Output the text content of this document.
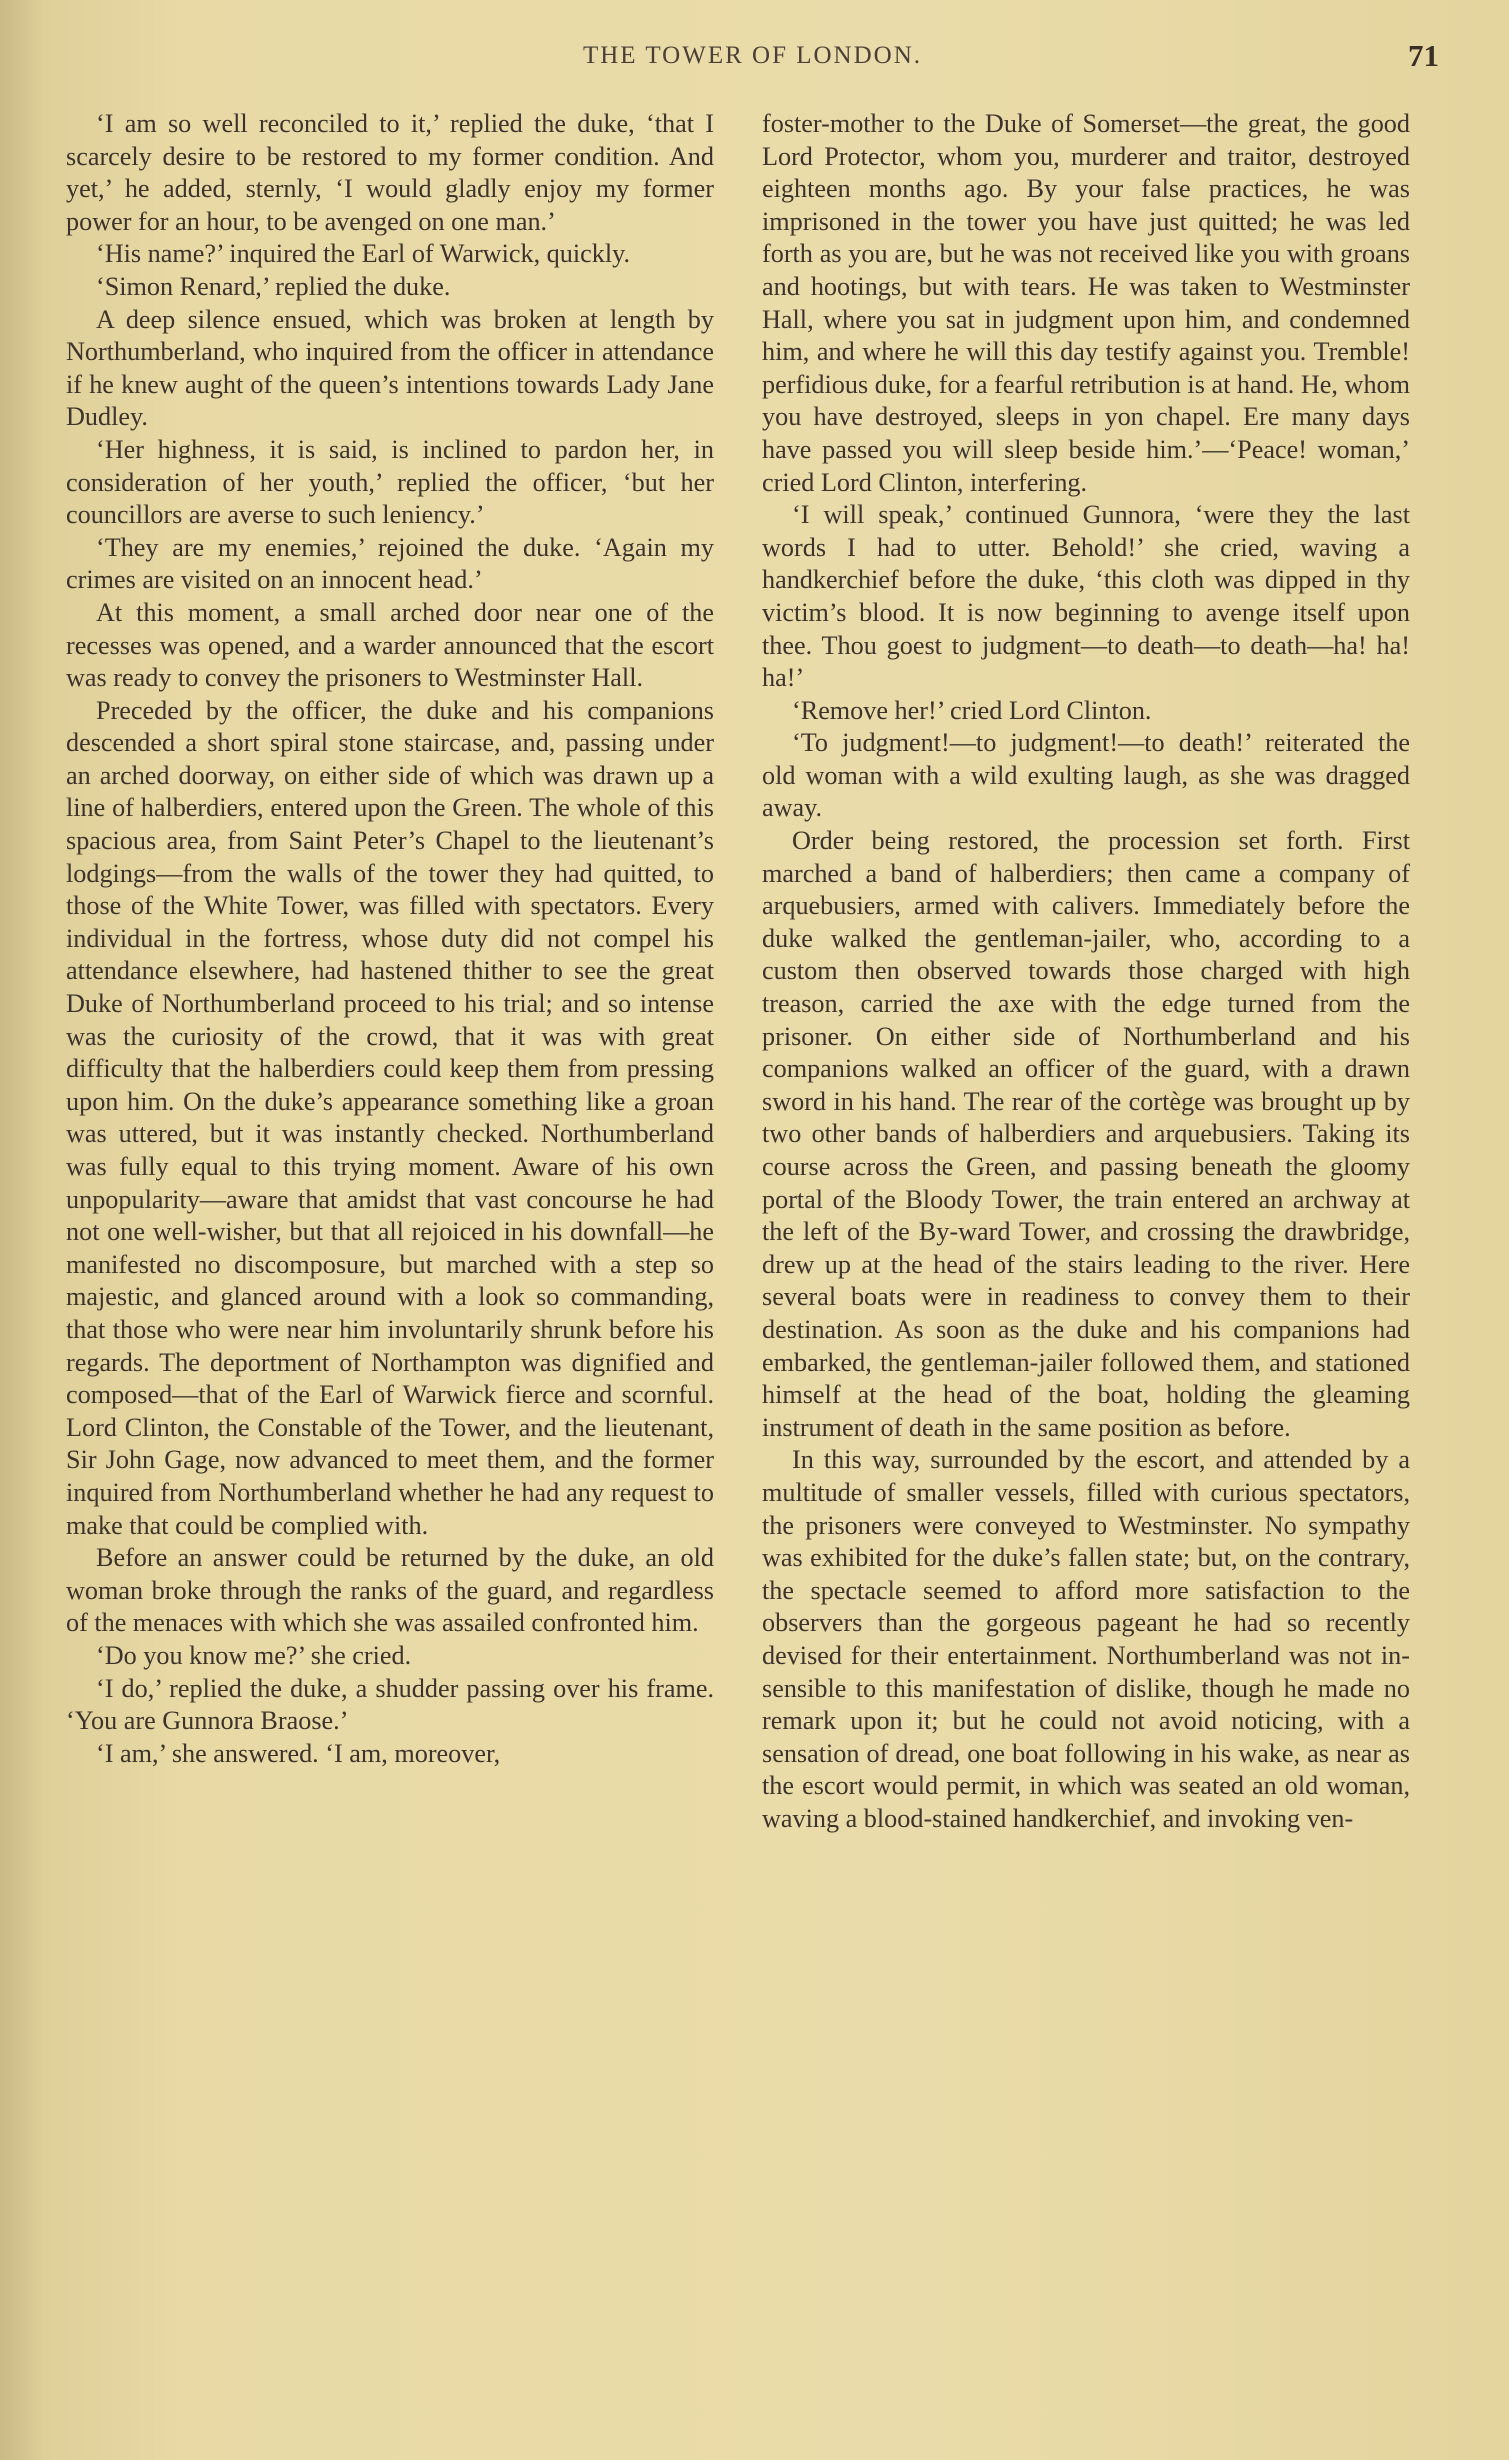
THE TOWER OF LONDON.	71

‘I am so well reconciled to it,’ replied the duke, ‘that I scarcely desire to be restored to my former condition. And yet,’ he added, sternly, ‘I would gladly enjoy my former power for an hour, to be avenged on one man.’

‘His name?’ inquired the Earl of Warwick, quickly.

‘Simon Renard,’ replied the duke.

A deep silence ensued, which was broken at length by Northumberland, who inquired from the officer in attendance if he knew aught of the queen’s intentions towards Lady Jane Dudley.

‘Her highness, it is said, is inclined to pardon her, in consideration of her youth,’ replied the officer, ‘but her councillors are averse to such leniency.’

‘They are my enemies,’ rejoined the duke. ‘Again my crimes are visited on an innocent head.’

At this moment, a small arched door near one of the recesses was opened, and a warder announced that the escort was ready to convey the prisoners to Westminster Hall.

Preceded by the officer, the duke and his companions descended a short spiral stone staircase, and, passing under an arched doorway, on either side of which was drawn up a line of halberdiers, entered upon the Green. The whole of this spacious area, from Saint Peter’s Chapel to the lieutenant’s lodgings—from the walls of the tower they had quitted, to those of the White Tower, was filled with spectators. Every individual in the fortress, whose duty did not compel his attendance elsewhere, had hastened thither to see the great Duke of Northumberland proceed to his trial; and so intense was the curiosity of the crowd, that it was with great difficulty that the halberdiers could keep them from pressing upon him. On the duke’s appearance something like a groan was uttered, but it was instantly checked. Northumberland was fully equal to this trying moment. Aware of his own unpopularity—aware that amidst that vast concourse he had not one well-wisher, but that all rejoiced in his downfall—he manifested no discomposure, but marched with a step so majestic, and glanced around with a look so commanding, that those who were near him involuntarily shrunk before his regards. The deportment of Northampton was dignified and composed—that of the Earl of Warwick fierce and scornful. Lord Clinton, the Constable of the Tower, and the lieutenant, Sir John Gage, now advanced to meet them, and the former inquired from Northumberland whether he had any request to make that could be complied with.

Before an answer could be returned by the duke, an old woman broke through the ranks of the guard, and regardless of the menaces with which she was assailed confronted him.

‘Do you know me?’ she cried.

‘I do,’ replied the duke, a shudder passing over his frame. ‘You are Gunnora Braose.’

‘I am,’ she answered. ‘I am, moreover,

foster-mother to the Duke of Somerset—the great, the good Lord Protector, whom you, murderer and traitor, destroyed eighteen months ago. By your false practices, he was imprisoned in the tower you have just quitted; he was led forth as you are, but he was not received like you with groans and hootings, but with tears. He was taken to Westminster Hall, where you sat in judgment upon him, and condemned him, and where he will this day testify against you. Tremble! perfidious duke, for a fearful retribution is at hand. He, whom you have destroyed, sleeps in yon chapel. Ere many days have passed you will sleep beside him.’—‘Peace! woman,’ cried Lord Clinton, interfering.

‘I will speak,’ continued Gunnora, ‘were they the last words I had to utter. Behold!’ she cried, waving a handkerchief before the duke, ‘this cloth was dipped in thy victim’s blood. It is now beginning to avenge itself upon thee. Thou goest to judgment—to death—to death—ha! ha! ha!’

‘Remove her!’ cried Lord Clinton.

‘To judgment!—to judgment!—to death!’ reiterated the old woman with a wild exulting laugh, as she was dragged away.

Order being restored, the procession set forth. First marched a band of halberdiers; then came a company of arquebusiers, armed with calivers. Immediately before the duke walked the gentleman-jailer, who, according to a custom then observed towards those charged with high treason, carried the axe with the edge turned from the prisoner. On either side of Northumberland and his companions walked an officer of the guard, with a drawn sword in his hand. The rear of the cortège was brought up by two other bands of halberdiers and arquebusiers. Taking its course across the Green, and passing beneath the gloomy portal of the Bloody Tower, the train entered an archway at the left of the By-ward Tower, and crossing the drawbridge, drew up at the head of the stairs leading to the river. Here several boats were in readiness to convey them to their destination. As soon as the duke and his companions had embarked, the gentleman-jailer followed them, and stationed himself at the head of the boat, holding the gleaming instrument of death in the same position as before.

In this way, surrounded by the escort, and attended by a multitude of smaller vessels, filled with curious spectators, the prisoners were conveyed to Westminster. No sympathy was exhibited for the duke’s fallen state; but, on the contrary, the spectacle seemed to afford more satisfaction to the observers than the gorgeous pageant he had so recently devised for their entertainment. Northumberland was not insensible to this manifestation of dislike, though he made no remark upon it; but he could not avoid noticing, with a sensation of dread, one boat following in his wake, as near as the escort would permit, in which was seated an old woman, waving a blood-stained handkerchief, and invoking ven-
